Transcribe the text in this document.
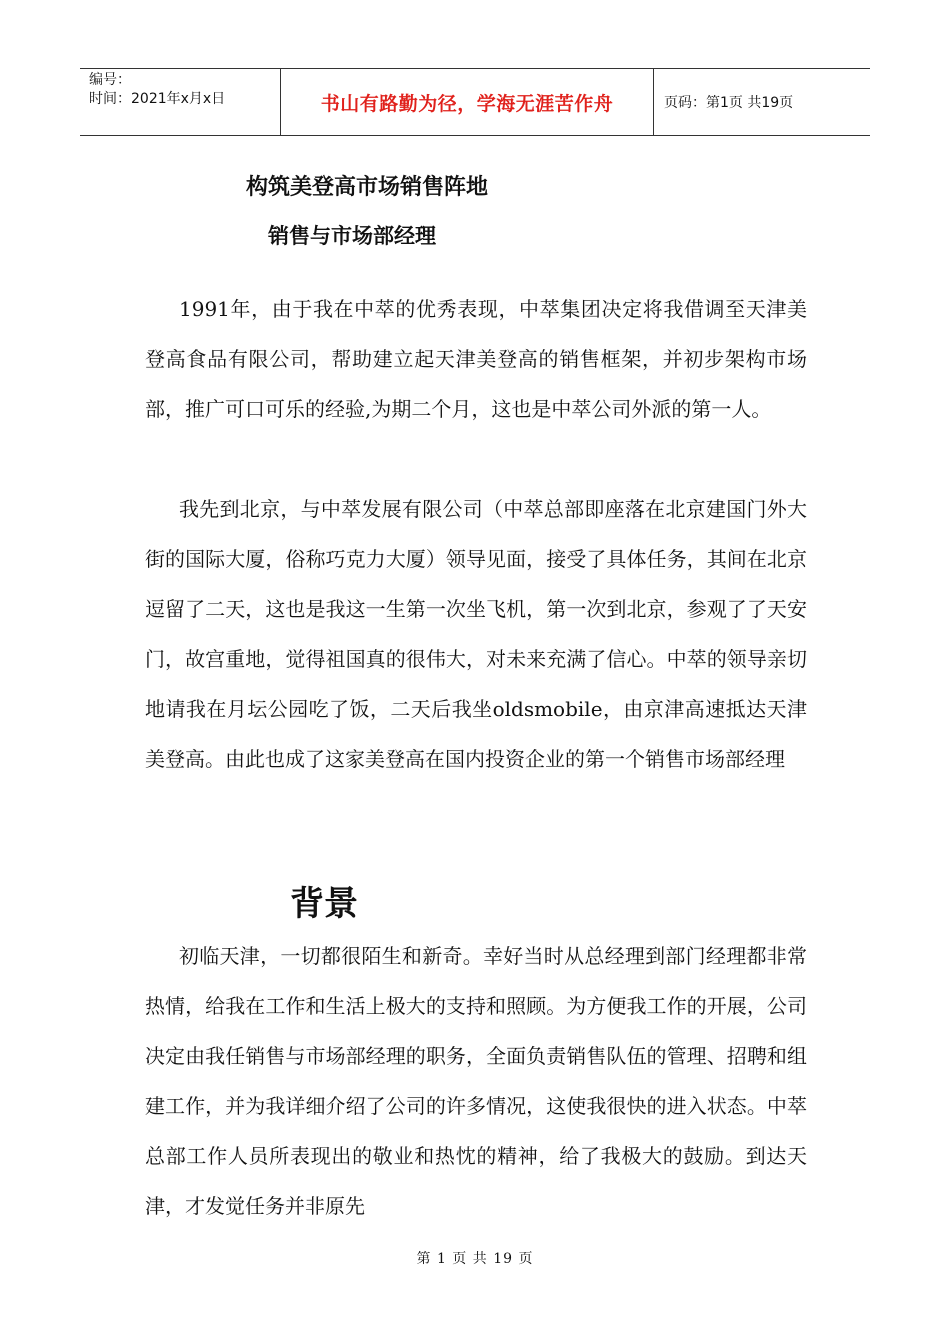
编号：
时间：2021年x月x日	书山有路勤为径，学海无涯苦作舟	页码：第1页 共19页
构筑美登高市场销售阵地
销售与市场部经理

1991年，由于我在中萃的优秀表现，中萃集团决定将我借调至天津美登高食品有限公司，帮助建立起天津美登高的销售框架，并初步架构市场部，推广可口可乐的经验,为期二个月，这也是中萃公司外派的第一人。

我先到北京，与中萃发展有限公司（中萃总部即座落在北京建国门外大街的国际大厦，俗称巧克力大厦）领导见面，接受了具体任务，其间在北京逗留了二天，这也是我这一生第一次坐飞机，第一次到北京，参观了了天安门，故宫重地，觉得祖国真的很伟大，对未来充满了信心。中萃的领导亲切地请我在月坛公园吃了饭，二天后我坐oldsmobile，由京津高速抵达天津美登高。由此也成了这家美登高在国内投资企业的第一个销售市场部经理

背景

初临天津，一切都很陌生和新奇。幸好当时从总经理到部门经理都非常热情，给我在工作和生活上极大的支持和照顾。为方便我工作的开展，公司决定由我任销售与市场部经理的职务，全面负责销售队伍的管理、招聘和组建工作，并为我详细介绍了公司的许多情况，这使我很快的进入状态。中萃总部工作人员所表现出的敬业和热忱的精神，给了我极大的鼓励。到达天津，才发觉任务并非原先

第 1 页 共 19 页
